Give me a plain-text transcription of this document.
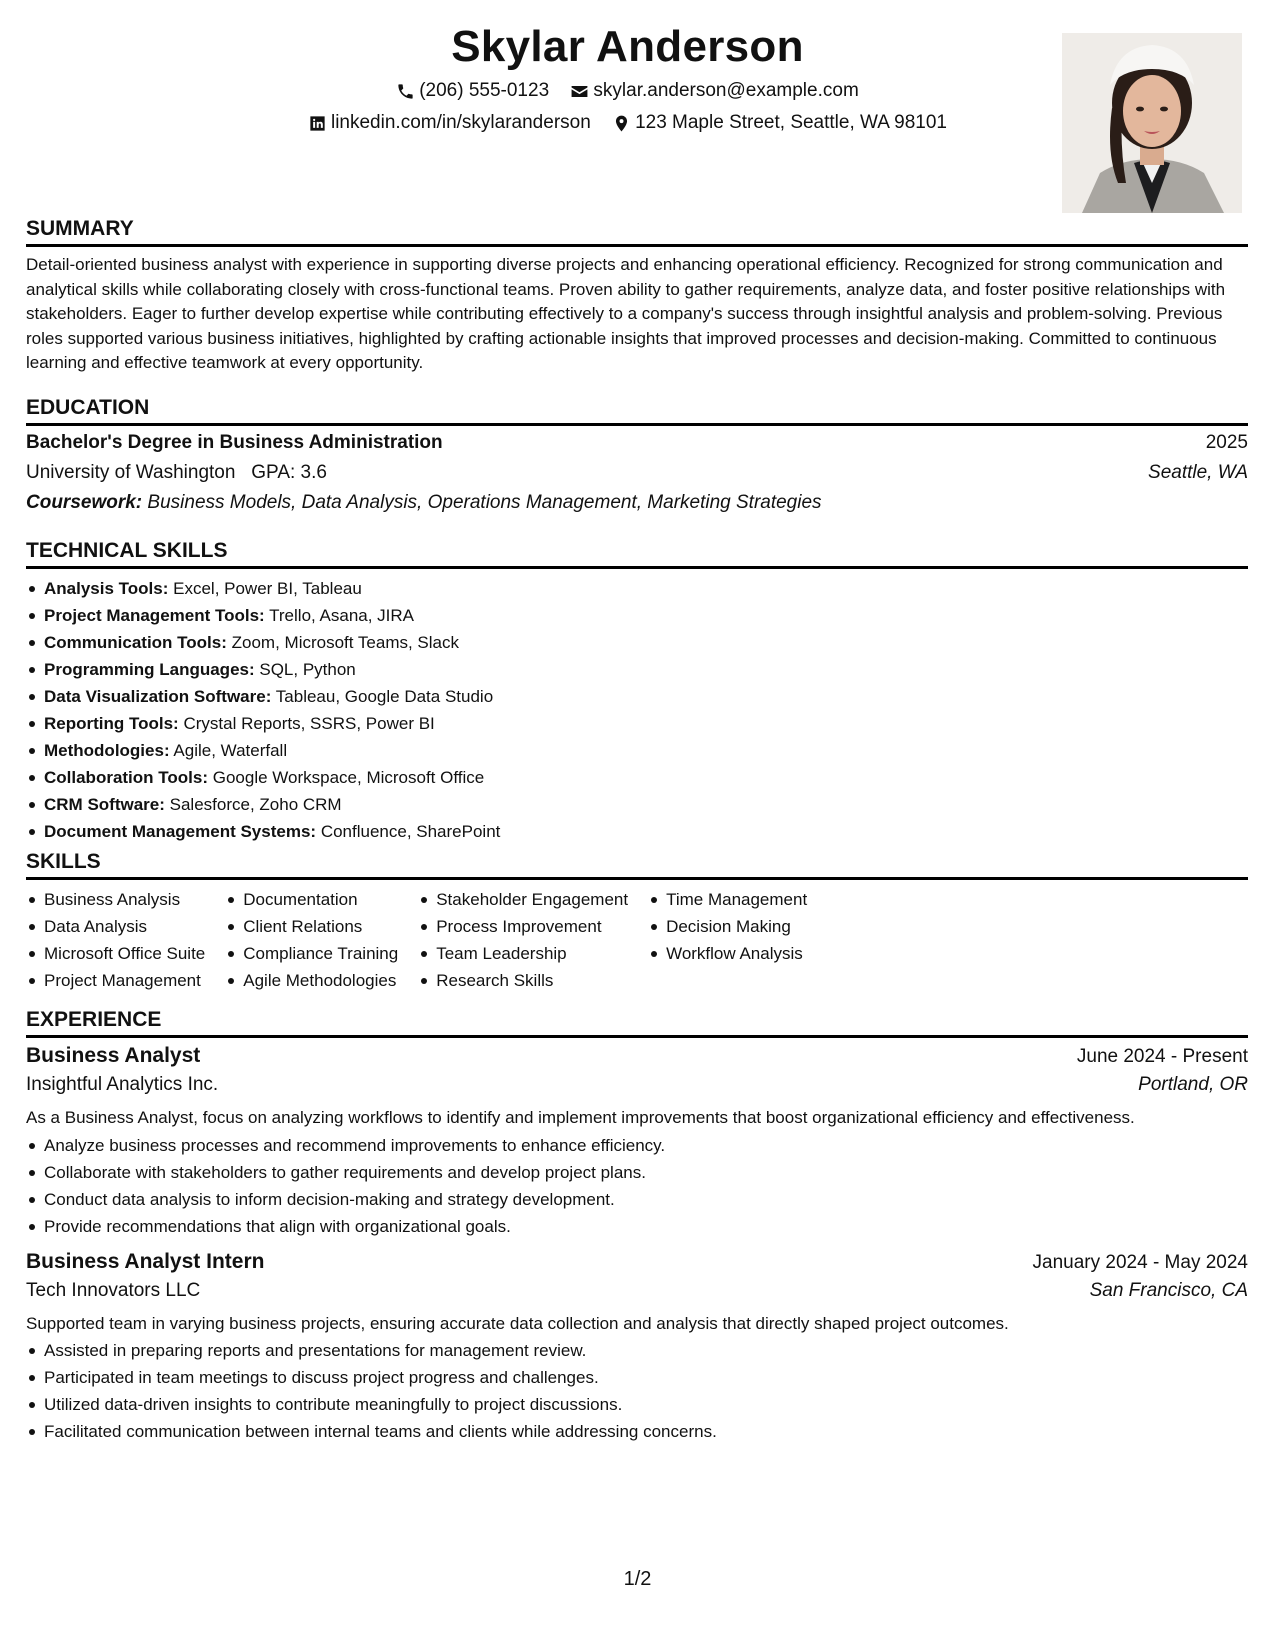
Skylar Anderson
(206) 555-0123
skylar.anderson@example.com
linkedin.com/in/skylaranderson
123 Maple Street, Seattle, WA 98101
SUMMARY

Detail-oriented business analyst with experience in supporting diverse projects and enhancing operational efficiency. Recognized for strong communication and analytical skills while collaborating closely with cross-functional teams. Proven ability to gather requirements, analyze data, and foster positive relationships with stakeholders. Eager to further develop expertise while contributing effectively to a company's success through insightful analysis and problem-solving. Previous roles supported various business initiatives, highlighted by crafting actionable insights that improved processes and decision-making. Committed to continuous learning and effective teamwork at every opportunity.

EDUCATION
Bachelor's Degree in Business Administration	2025
University of Washington GPA: 3.6	Seattle, WA
Coursework: Business Models, Data Analysis, Operations Management, Marketing Strategies
TECHNICAL SKILLS
Analysis Tools: Excel, Power BI, Tableau
Project Management Tools: Trello, Asana, JIRA
Communication Tools: Zoom, Microsoft Teams, Slack
Programming Languages: SQL, Python
Data Visualization Software: Tableau, Google Data Studio
Reporting Tools: Crystal Reports, SSRS, Power BI
Methodologies: Agile, Waterfall
Collaboration Tools: Google Workspace, Microsoft Office
CRM Software: Salesforce, Zoho CRM
Document Management Systems: Confluence, SharePoint
SKILLS
Business Analysis
Data Analysis
Microsoft Office Suite
Project Management
Documentation
Client Relations
Compliance Training
Agile Methodologies
Stakeholder Engagement
Process Improvement
Team Leadership
Research Skills
Time Management
Decision Making
Workflow Analysis
EXPERIENCE
Business Analyst	June 2024 - Present
Insightful Analytics Inc.	Portland, OR

As a Business Analyst, focus on analyzing workflows to identify and implement improvements that boost organizational efficiency and effectiveness.

Analyze business processes and recommend improvements to enhance efficiency.
Collaborate with stakeholders to gather requirements and develop project plans.
Conduct data analysis to inform decision-making and strategy development.
Provide recommendations that align with organizational goals.
Business Analyst Intern	January 2024 - May 2024
Tech Innovators LLC	San Francisco, CA

Supported team in varying business projects, ensuring accurate data collection and analysis that directly shaped project outcomes.

Assisted in preparing reports and presentations for management review.
Participated in team meetings to discuss project progress and challenges.
Utilized data-driven insights to contribute meaningfully to project discussions.
Facilitated communication between internal teams and clients while addressing concerns.
1/2
